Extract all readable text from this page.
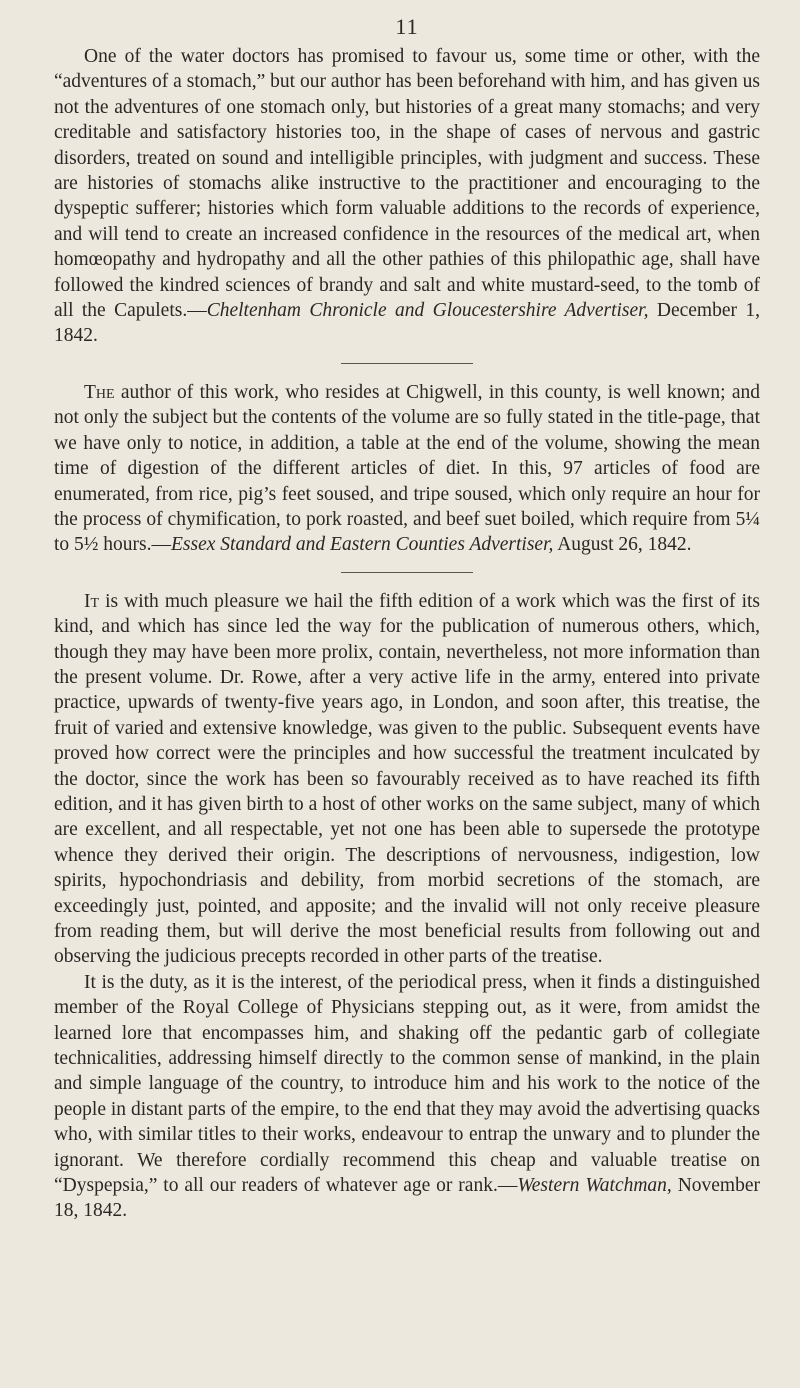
11

One of the water doctors has promised to favour us, some time or other, with the “adventures of a stomach,” but our author has been beforehand with him, and has given us not the adventures of one stomach only, but histories of a great many stomachs; and very creditable and satisfactory histories too, in the shape of cases of nervous and gastric disorders, treated on sound and intelligible principles, with judgment and success. These are histories of stomachs alike instructive to the practitioner and encouraging to the dyspeptic sufferer; histories which form valuable additions to the records of experience, and will tend to create an increased confidence in the resources of the medical art, when homœopathy and hydropathy and all the other pathies of this philopathic age, shall have followed the kindred sciences of brandy and salt and white mustard-seed, to the tomb of all the Capulets.—Cheltenham Chronicle and Gloucestershire Advertiser, December 1, 1842.

The author of this work, who resides at Chigwell, in this county, is well known; and not only the subject but the contents of the volume are so fully stated in the title-page, that we have only to notice, in addition, a table at the end of the volume, showing the mean time of digestion of the different articles of diet. In this, 97 articles of food are enumerated, from rice, pig’s feet soused, and tripe soused, which only require an hour for the process of chymification, to pork roasted, and beef suet boiled, which require from 5¼ to 5½ hours.—Essex Standard and Eastern Counties Advertiser, August 26, 1842.

It is with much pleasure we hail the fifth edition of a work which was the first of its kind, and which has since led the way for the publication of numerous others, which, though they may have been more prolix, contain, nevertheless, not more information than the present volume. Dr. Rowe, after a very active life in the army, entered into private practice, upwards of twenty-five years ago, in London, and soon after, this treatise, the fruit of varied and extensive knowledge, was given to the public. Subsequent events have proved how correct were the principles and how successful the treatment inculcated by the doctor, since the work has been so favourably received as to have reached its fifth edition, and it has given birth to a host of other works on the same subject, many of which are excellent, and all respectable, yet not one has been able to supersede the prototype whence they derived their origin. The descriptions of nervousness, indigestion, low spirits, hypochondriasis and debility, from morbid secretions of the stomach, are exceedingly just, pointed, and apposite; and the invalid will not only receive pleasure from reading them, but will derive the most beneficial results from following out and observing the judicious precepts recorded in other parts of the treatise.

It is the duty, as it is the interest, of the periodical press, when it finds a distinguished member of the Royal College of Physicians stepping out, as it were, from amidst the learned lore that encompasses him, and shaking off the pedantic garb of collegiate technicalities, addressing himself directly to the common sense of mankind, in the plain and simple language of the country, to introduce him and his work to the notice of the people in distant parts of the empire, to the end that they may avoid the advertising quacks who, with similar titles to their works, endeavour to entrap the unwary and to plunder the ignorant. We therefore cordially recommend this cheap and valuable treatise on “Dyspepsia,” to all our readers of whatever age or rank.—Western Watchman, November 18, 1842.
